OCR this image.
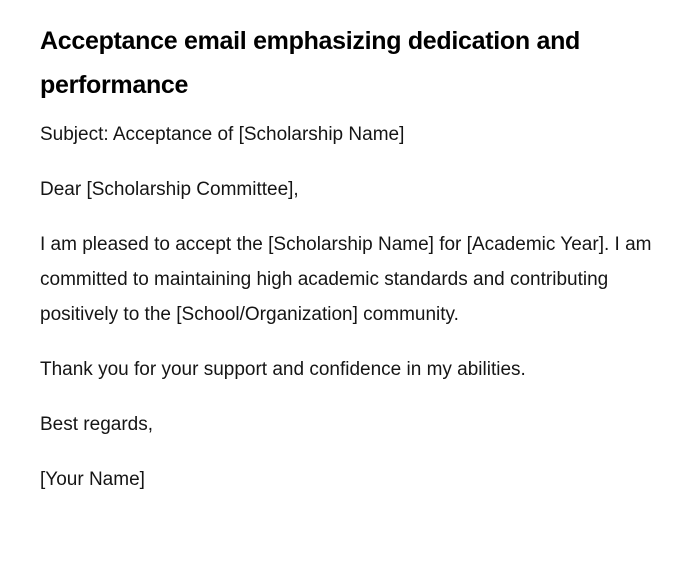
Acceptance email emphasizing dedication and performance

Subject: Acceptance of [Scholarship Name]

Dear [Scholarship Committee],

I am pleased to accept the [Scholarship Name] for [Academic Year]. I am committed to maintaining high academic standards and contributing positively to the [School/Organization] community.

Thank you for your support and confidence in my abilities.

Best regards,

[Your Name]
